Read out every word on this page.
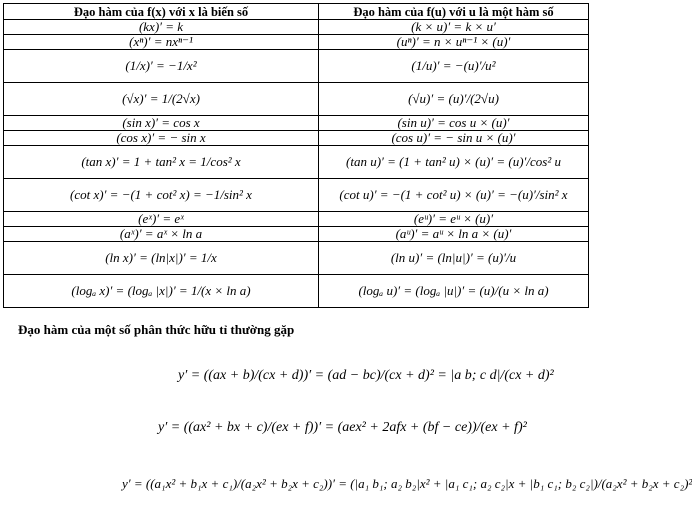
Đạo hàm của f(x) với x là biến số	Đạo hàm của f(u) với u là một hàm số
(kx)′ = k	(k × u)′ = k × u′
(xⁿ)′ = nxⁿ⁻¹	(uⁿ)′ = n × uⁿ⁻¹ × (u)′
(1/x)′ = −1/x²	(1/u)′ = −(u)′/u²
(√x)′ = 1/(2√x)	(√u)′ = (u)′/(2√u)
(sin x)′ = cos x	(sin u)′ = cos u × (u)′
(cos x)′ = − sin x	(cos u)′ = − sin u × (u)′
(tan x)′ = 1 + tan² x = 1/cos² x	(tan u)′ = (1 + tan² u) × (u)′ = (u)′/cos² u
(cot x)′ = −(1 + cot² x) = −1/sin² x	(cot u)′ = −(1 + cot² u) × (u)′ = −(u)′/sin² x
(eˣ)′ = eˣ	(eᵘ)′ = eᵘ × (u)′
(aˣ)′ = aˣ × ln a	(aᵘ)′ = aᵘ × ln a × (u)′
(ln x)′ = (ln|x|)′ = 1/x	(ln u)′ = (ln|u|)′ = (u)′/u
(logₐ x)′ = (logₐ |x|)′ = 1/(x × ln a)	(logₐ u)′ = (logₐ |u|)′ = (u)/(u × ln a)
Đạo hàm của một số phân thức hữu tỉ thường gặp
y′ = ((ax + b)/(cx + d))′ = (ad − bc)/(cx + d)² = |a b; c d|/(cx + d)²
y′ = ((ax² + bx + c)/(ex + f))′ = (aex² + 2afx + (bf − ce))/(ex + f)²
y′ = ((a₁x² + b₁x + c₁)/(a₂x² + b₂x + c₂))′ = (|a₁ b₁; a₂ b₂|x² + |a₁ c₁; a₂ c₂|x + |b₁ c₁; b₂ c₂|)/(a₂x² + b₂x + c₂)²
